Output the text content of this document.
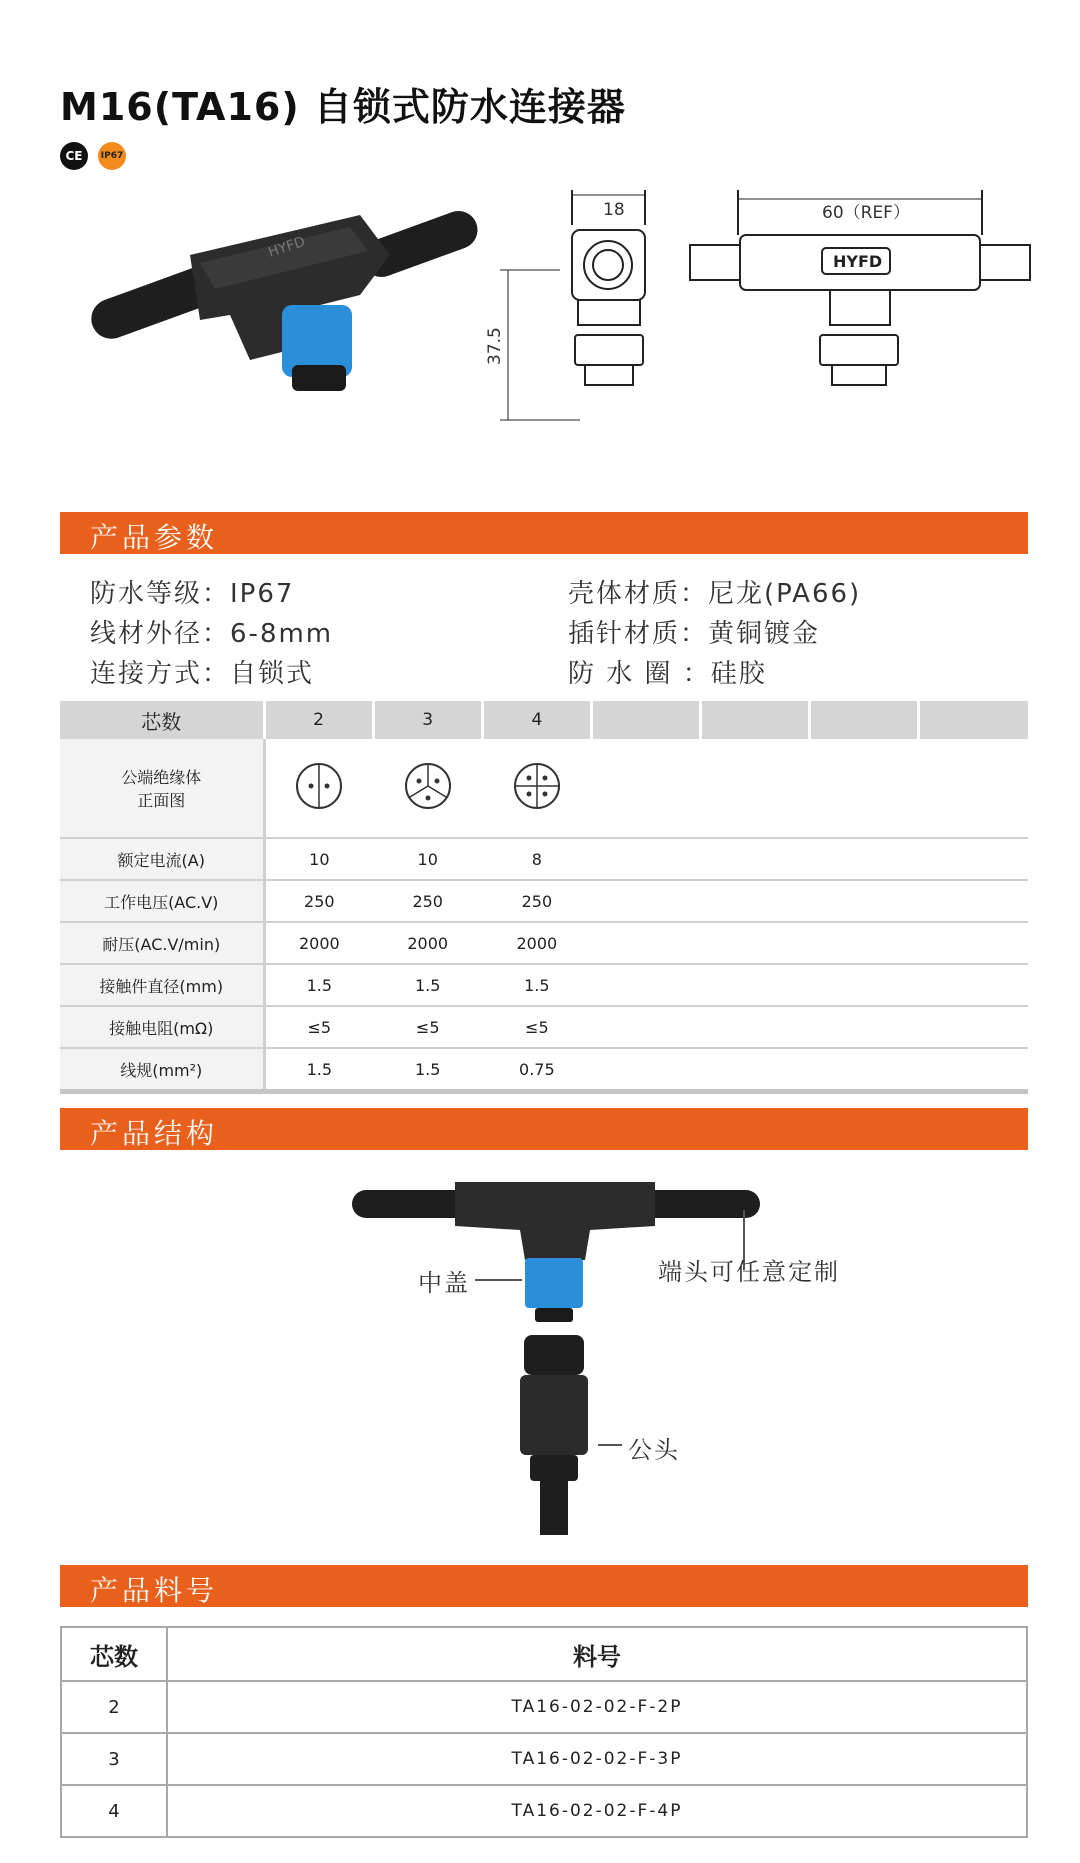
M16(TA16) 自锁式防水连接器
CE	IP67
HYFD
18
37.5
HYFD
60（REF）
产品参数
防水等级：IP67	壳体材质：尼龙(PA66)
线材外径：6-8mm	插针材质：黄铜镀金
连接方式：自锁式	防 水 圈 ：硅胶
芯数	2	3	4				
公端绝缘体
正面图							
额定电流(A)	10	10	8				
工作电压(AC.V)	250	250	250				
耐压(AC.V/min)	2000	2000	2000				
接触件直径(mm)	1.5	1.5	1.5				
接触电阻(mΩ)	≤5	≤5	≤5				
线规(mm²)	1.5	1.5	0.75				
产品结构
中盖	端头可任意定制
公头
产品料号
芯数	料号
2	TA16-02-02-F-2P
3	TA16-02-02-F-3P
4	TA16-02-02-F-4P
